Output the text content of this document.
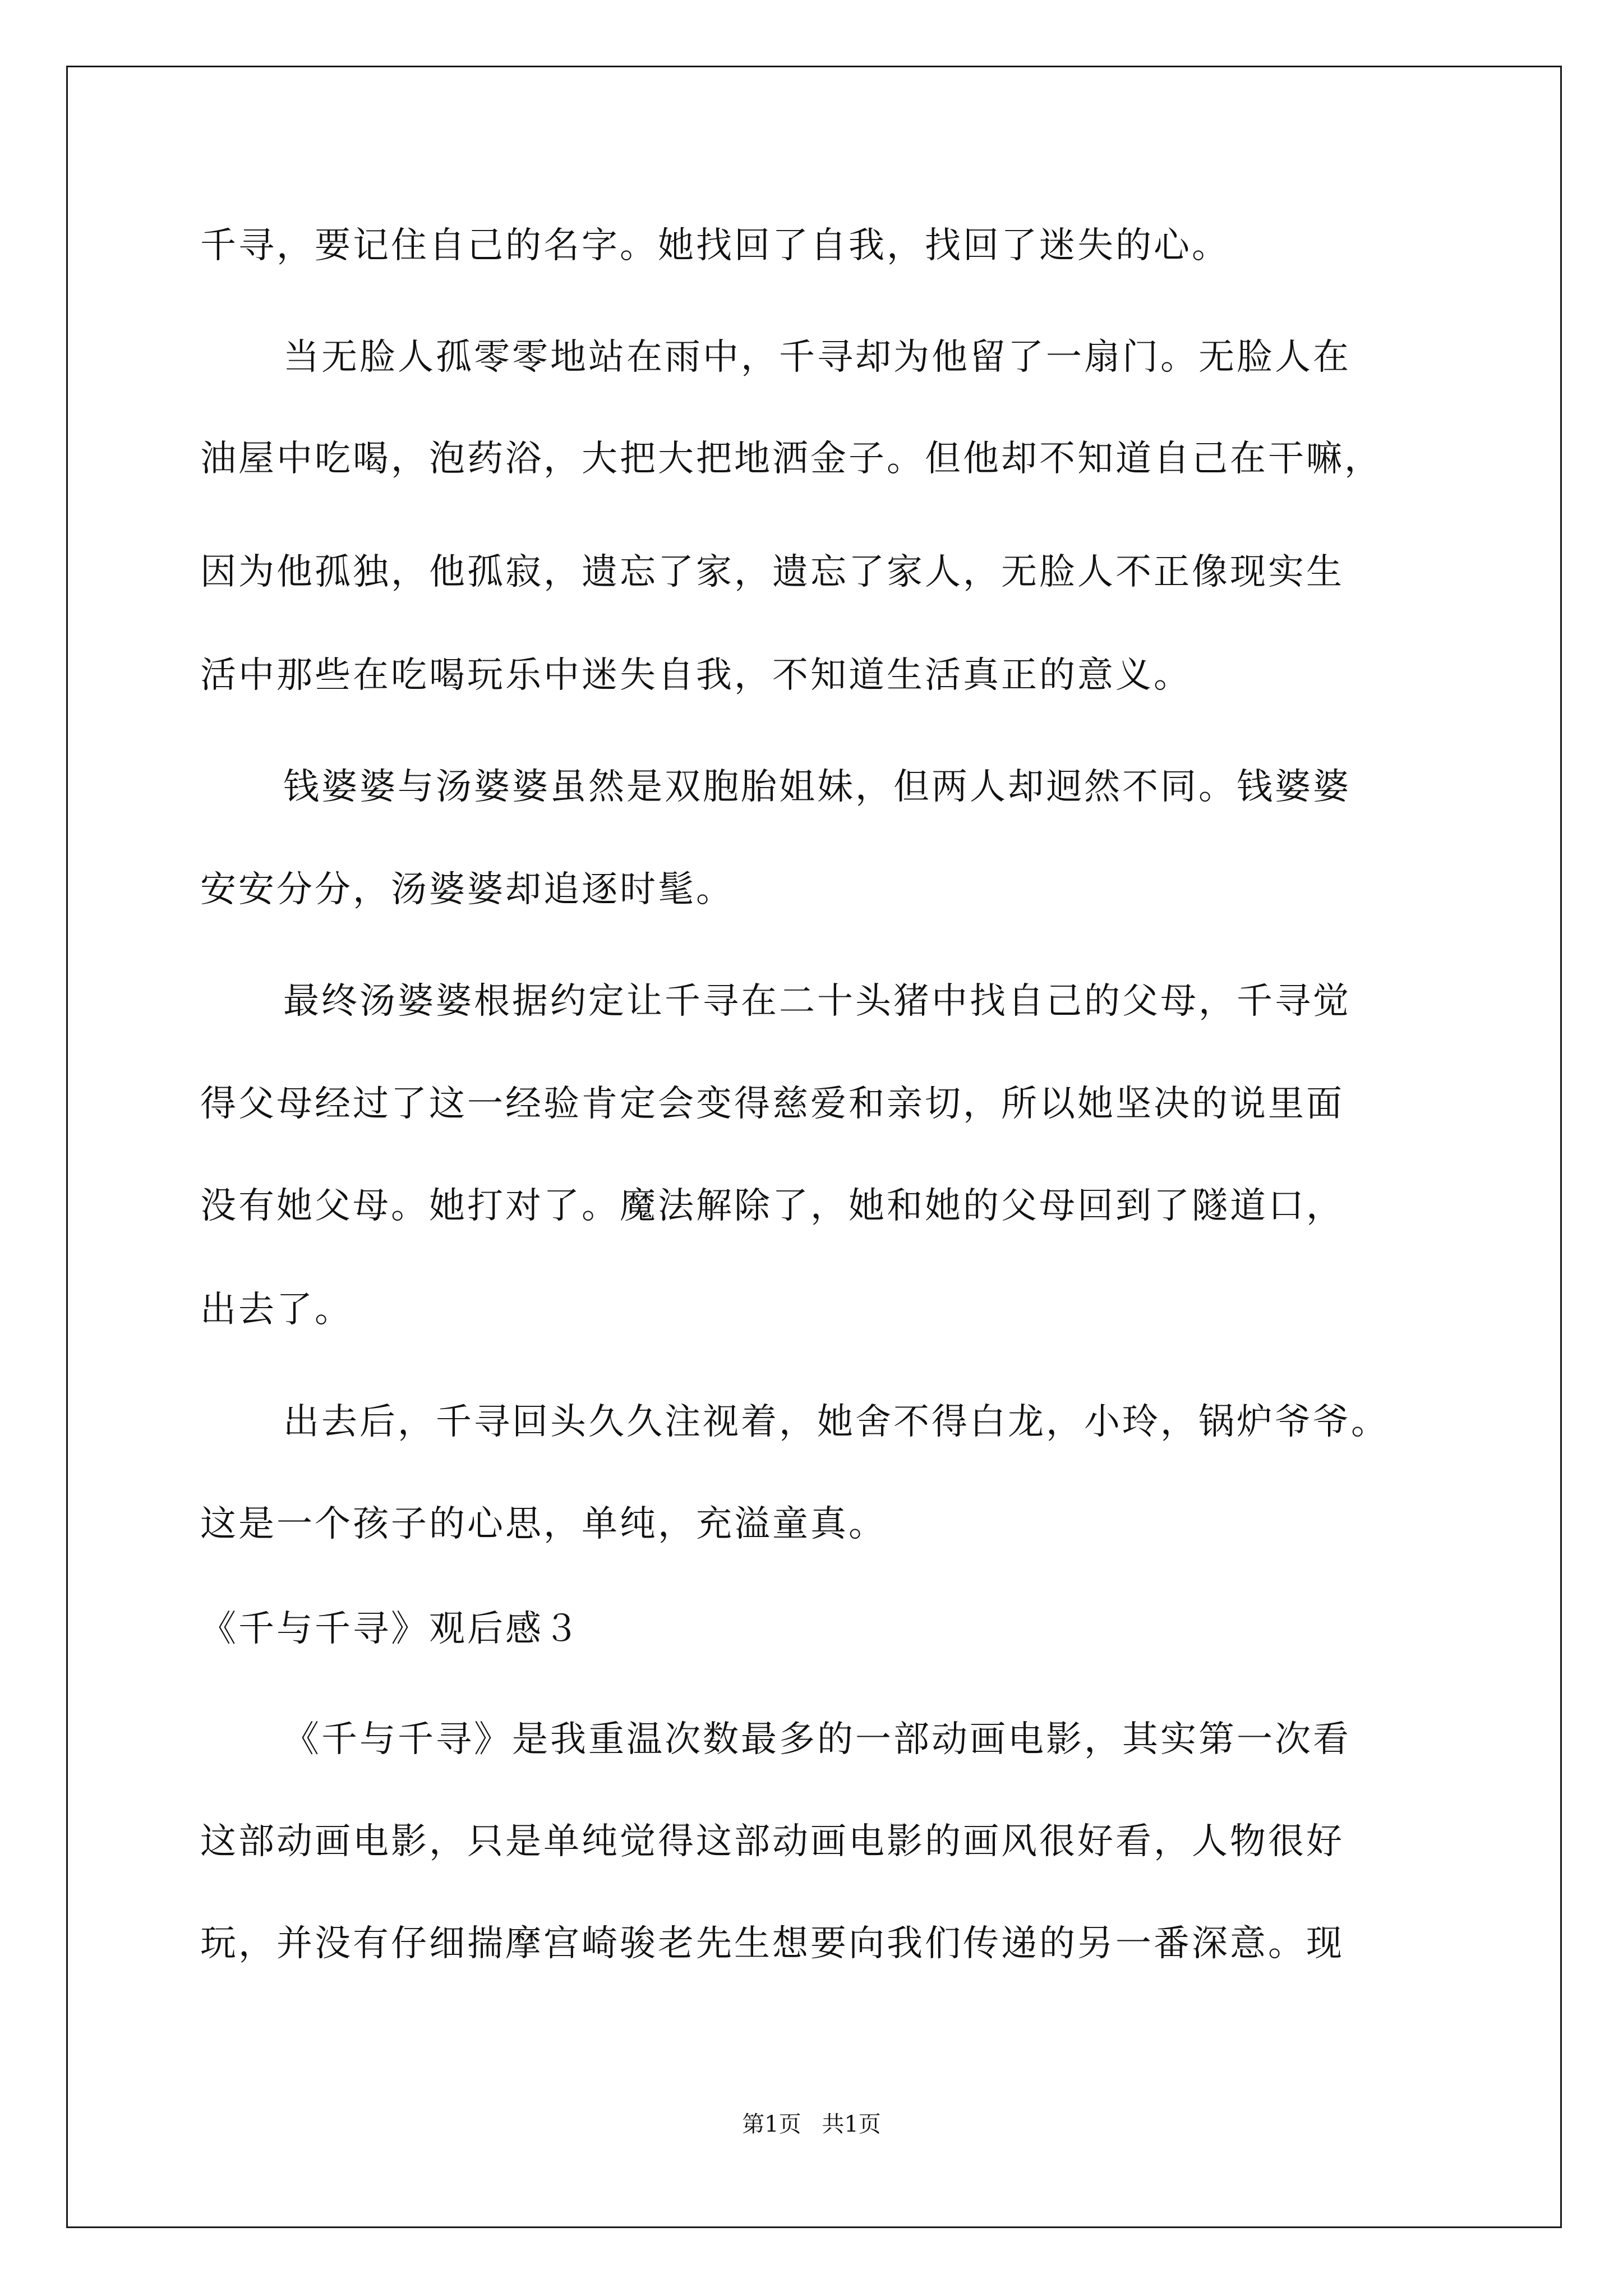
千寻，要记住自己的名字。她找回了自我，找回了迷失的心。
当无脸人孤零零地站在雨中，千寻却为他留了一扇门。无脸人在
油屋中吃喝，泡药浴，大把大把地洒金子。但他却不知道自己在干嘛，
因为他孤独，他孤寂，遗忘了家，遗忘了家人，无脸人不正像现实生
活中那些在吃喝玩乐中迷失自我，不知道生活真正的意义。
钱婆婆与汤婆婆虽然是双胞胎姐妹，但两人却迥然不同。钱婆婆
安安分分，汤婆婆却追逐时髦。
最终汤婆婆根据约定让千寻在二十头猪中找自己的父母，千寻觉
得父母经过了这一经验肯定会变得慈爱和亲切，所以她坚决的说里面
没有她父母。她打对了。魔法解除了，她和她的父母回到了隧道口，
出去了。
出去后，千寻回头久久注视着，她舍不得白龙，小玲，锅炉爷爷。
这是一个孩子的心思，单纯，充溢童真。
《千与千寻》观后感３
《千与千寻》是我重温次数最多的一部动画电影，其实第一次看
这部动画电影，只是单纯觉得这部动画电影的画风很好看，人物很好
玩，并没有仔细揣摩宫崎骏老先生想要向我们传递的另一番深意。现
第1页 共1页
